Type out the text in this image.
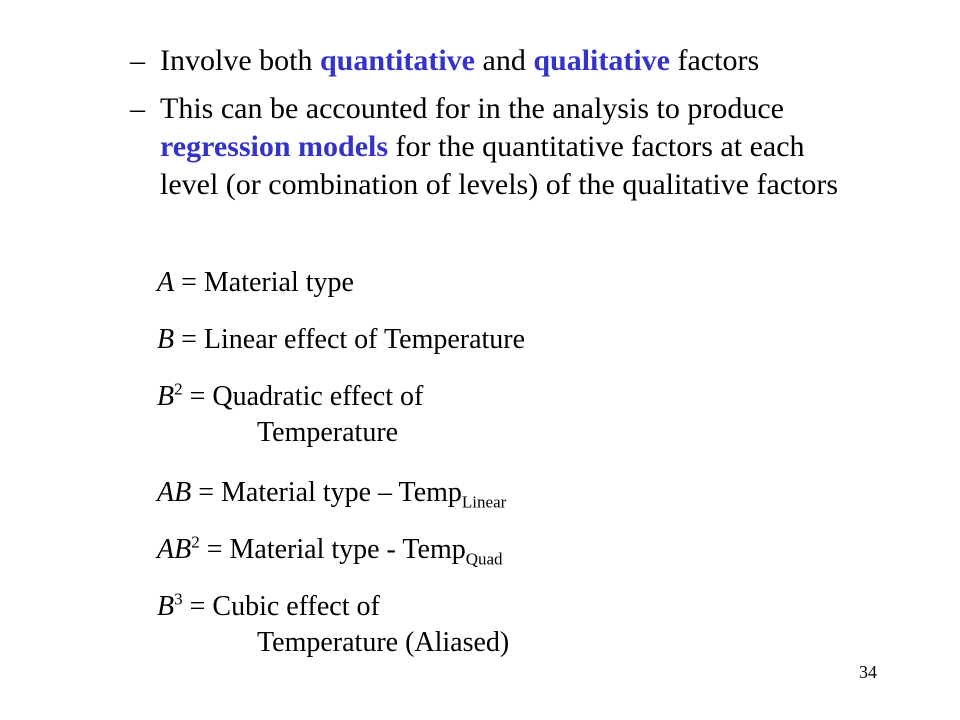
– Involve both quantitative and qualitative factors
– This can be accounted for in the analysis to produce regression models for the quantitative factors at each level (or combination of levels) of the qualitative factors
A = Material type
B = Linear effect of Temperature
$B^2$ = Quadratic effect of
Temperature
AB = Material type – Temp$_{Linear}$
$AB^2$ = Material type - Temp$_{Quad}$
$B^3$ = Cubic effect of
Temperature (Aliased)
34
